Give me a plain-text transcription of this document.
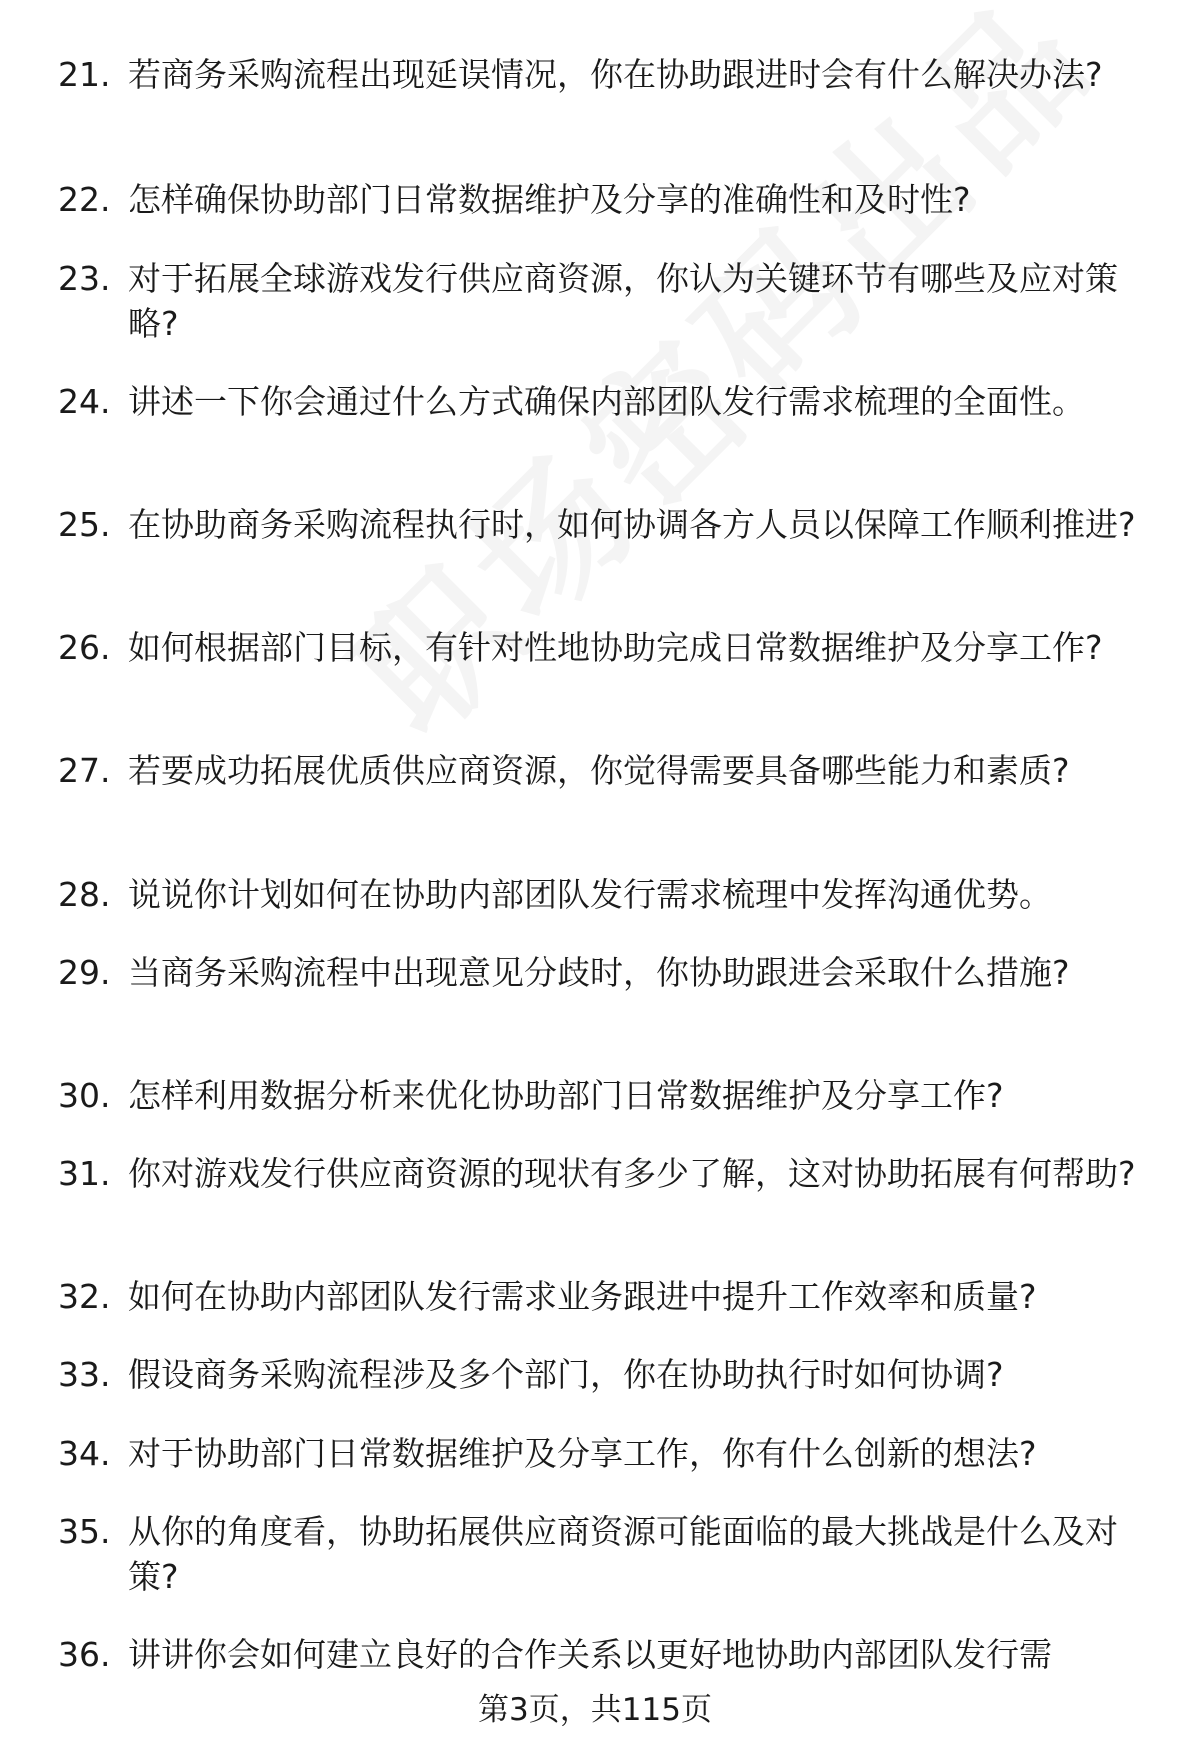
21. 若商务采购流程出现延误情况，你在协助跟进时会有什么解决办法?
22. 怎样确保协助部门日常数据维护及分享的准确性和及时性?
23. 对于拓展全球游戏发行供应商资源，你认为关键环节有哪些及应对策略?
24. 讲述一下你会通过什么方式确保内部团队发行需求梳理的全面性。
25. 在协助商务采购流程执行时，如何协调各方人员以保障工作顺利推进?
26. 如何根据部门目标，有针对性地协助完成日常数据维护及分享工作?
27. 若要成功拓展优质供应商资源，你觉得需要具备哪些能力和素质?
28. 说说你计划如何在协助内部团队发行需求梳理中发挥沟通优势。
29. 当商务采购流程中出现意见分歧时，你协助跟进会采取什么措施?
30. 怎样利用数据分析来优化协助部门日常数据维护及分享工作?
31. 你对游戏发行供应商资源的现状有多少了解，这对协助拓展有何帮助?
32. 如何在协助内部团队发行需求业务跟进中提升工作效率和质量?
33. 假设商务采购流程涉及多个部门，你在协助执行时如何协调?
34. 对于协助部门日常数据维护及分享工作，你有什么创新的想法?
35. 从你的角度看，协助拓展供应商资源可能面临的最大挑战是什么及对策?
36. 讲讲你会如何建立良好的合作关系以更好地协助内部团队发行需
第3页，共115页
